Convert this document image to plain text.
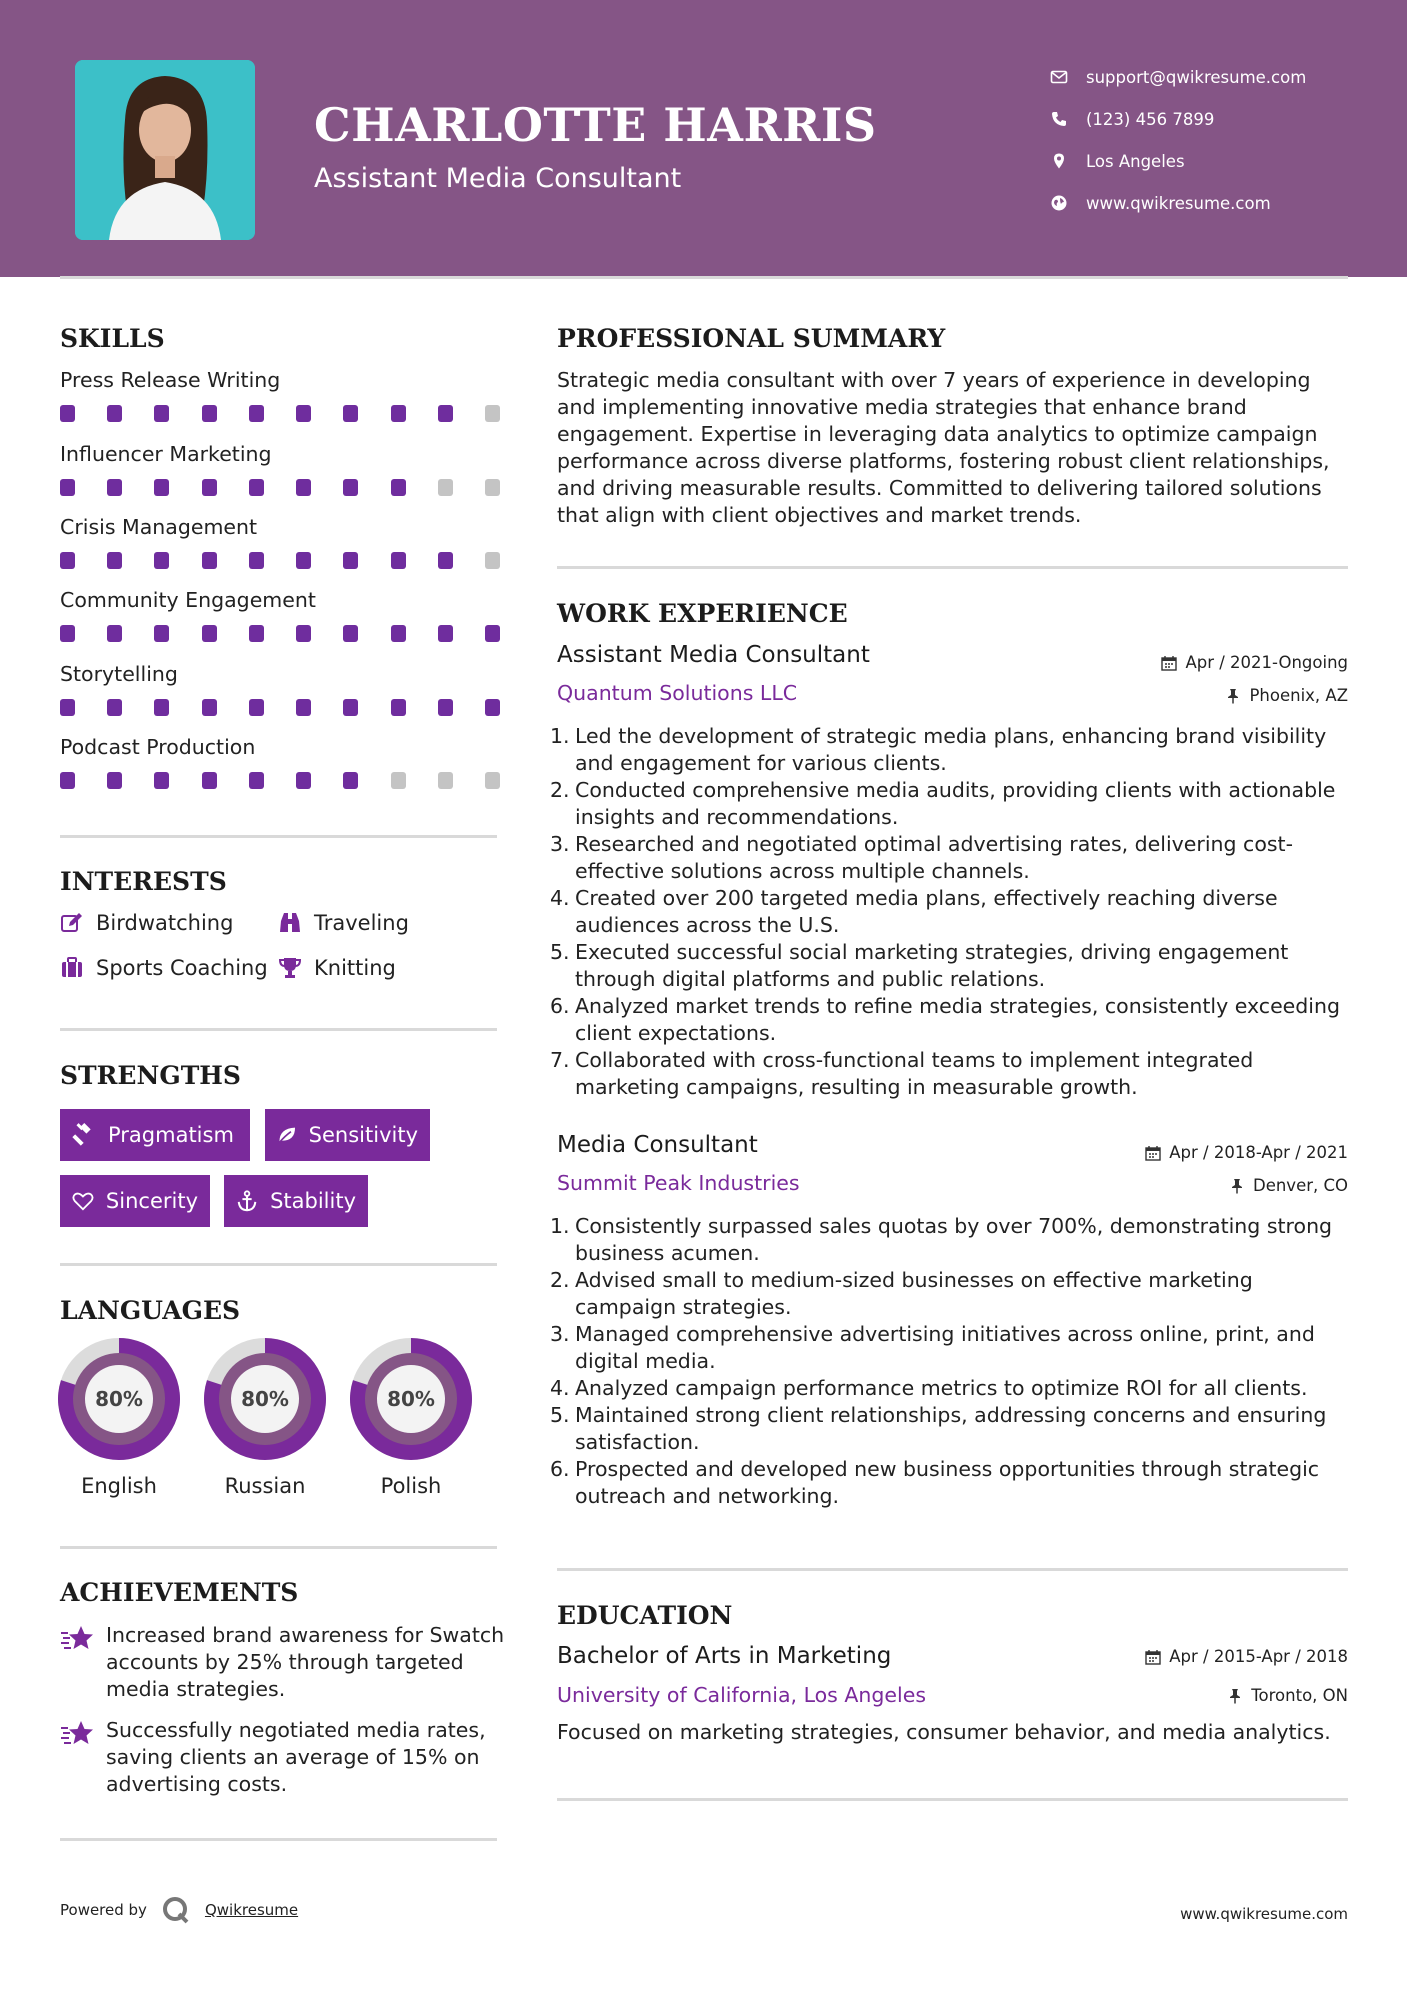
CHARLOTTE HARRIS
Assistant Media Consultant
support@qwikresume.com
(123) 456 7899
Los Angeles
www.qwikresume.com
SKILLS
Press Release Writing
Influencer Marketing
Crisis Management
Community Engagement
Storytelling
Podcast Production
INTERESTS
Birdwatching	Traveling
Sports Coaching Knitting
STRENGTHS
Pragmatism	Sensitivity
Sincerity	Stability
LANGUAGES
80%
English
80%
Russian
80%
Polish
ACHIEVEMENTS
Increased brand awareness for Swatch accounts by 25% through targeted media strategies.
Successfully negotiated media rates, saving clients an average of 15% on advertising costs.
PROFESSIONAL SUMMARY
Strategic media consultant with over 7 years of experience in developing and implementing innovative media strategies that enhance brand engagement. Expertise in leveraging data analytics to optimize campaign performance across diverse platforms, fostering robust client relationships, and driving measurable results. Committed to delivering tailored solutions that align with client objectives and market trends.
WORK EXPERIENCE
Assistant Media Consultant	Apr / 2021-Ongoing
Quantum Solutions LLC	Phoenix, AZ
Led the development of strategic media plans, enhancing brand visibility and engagement for various clients.
Conducted comprehensive media audits, providing clients with actionable insights and recommendations.
Researched and negotiated optimal advertising rates, delivering cost-effective solutions across multiple channels.
Created over 200 targeted media plans, effectively reaching diverse audiences across the U.S.
Executed successful social marketing strategies, driving engagement through digital platforms and public relations.
Analyzed market trends to refine media strategies, consistently exceeding client expectations.
Collaborated with cross-functional teams to implement integrated marketing campaigns, resulting in measurable growth.
Media Consultant	Apr / 2018-Apr / 2021
Summit Peak Industries	Denver, CO
Consistently surpassed sales quotas by over 700%, demonstrating strong business acumen.
Advised small to medium-sized businesses on effective marketing campaign strategies.
Managed comprehensive advertising initiatives across online, print, and digital media.
Analyzed campaign performance metrics to optimize ROI for all clients.
Maintained strong client relationships, addressing concerns and ensuring satisfaction.
Prospected and developed new business opportunities through strategic outreach and networking.
EDUCATION
Bachelor of Arts in Marketing	Apr / 2015-Apr / 2018
University of California, Los Angeles	Toronto, ON
Focused on marketing strategies, consumer behavior, and media analytics.
Powered by	Qwikresume	www.qwikresume.com
